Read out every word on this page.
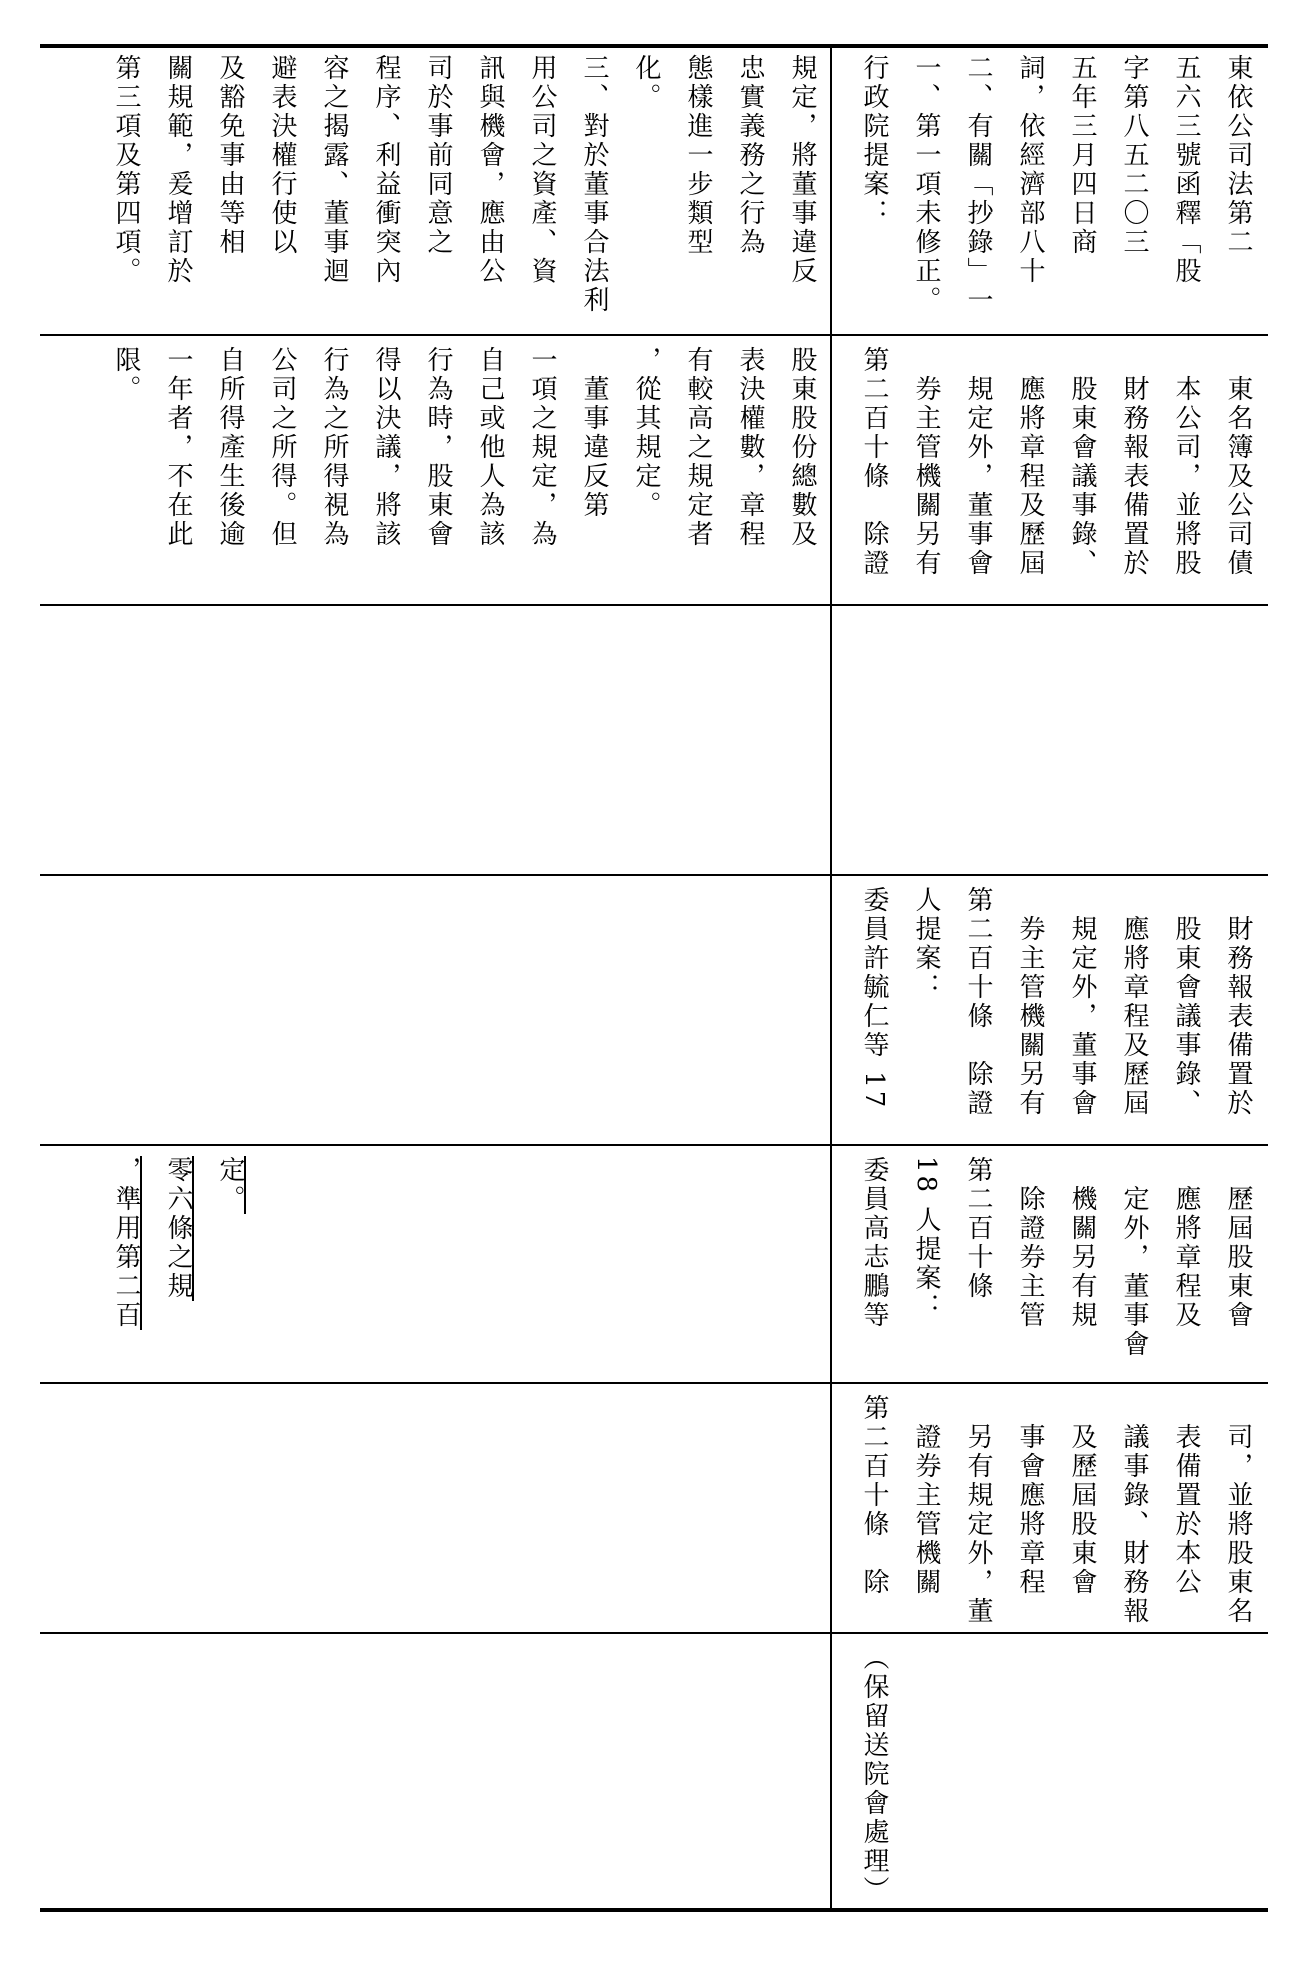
規定，將董事違反
忠實義務之行為
態樣進一步類型
化。
三、對於董事合法利
用公司之資產、資
訊與機會，應由公
司於事前同意之
程序、利益衝突內
容之揭露、董事迴
避表決權行使以
及豁免事由等相
關規範，爰增訂於
第三項及第四項。
股東股份總數及
表決權數，章程
有較高之規定者
，從其規定。
　董事違反第
一項之規定，為
自己或他人為該
行為時，股東會
得以決議，將該
行為之所得視為
公司之所得。但
自所得產生後逾
一年者，不在此
限。
，準用第二百 零六條之規 定。
行政院提案： 一、第一項未修正。 二、有關「抄錄」一 詞，依經濟部八十 五年三月四日商 字第八五二〇三 五六三號函釋「股 東依公司法第二
第二百十條　除證 　券主管機關另有 　規定外，董事會 　應將章程及歷屆 　股東會議事錄、 　財務報表備置於 　本公司，並將股 　東名簿及公司債
委員許毓仁等 17 人提案： 第二百十條　除證 　券主管機關另有 　規定外，董事會 　應將章程及歷屆 　股東會議事錄、 　財務報表備置於
委員高志鵬等 18 人提案： 第二百十條 　除證券主管 　機關另有規 　定外，董事會 　應將章程及 　歷屆股東會
第二百十條　除 　證券主管機關 　另有規定外，董 　事會應將章程 　及歷屆股東會 　議事錄、財務報 　表備置於本公 　司，並將股東名
（保留送院會處理）
